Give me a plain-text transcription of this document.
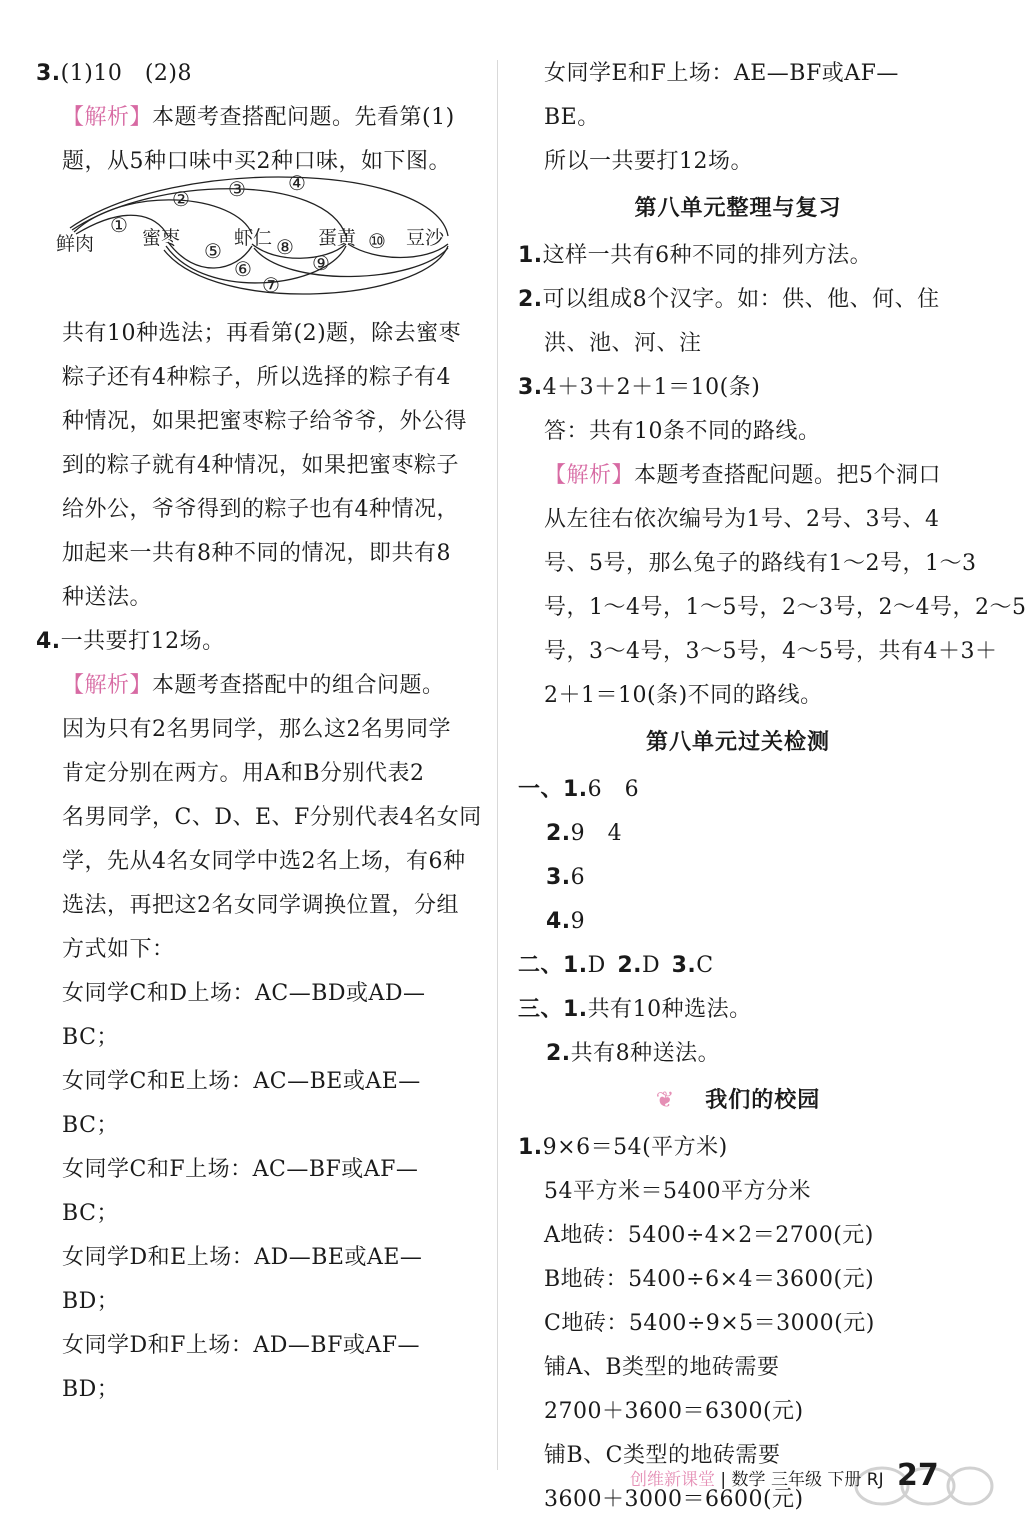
3.(1)10　(2)8
【解析】本题考查搭配问题。先看第(1)
题，从5种口味中买2种口味，如下图。
①
② ③ ④
⑤
⑥
⑦
⑧
⑨
⑩
鲜肉	蜜枣	虾仁 蛋黄	豆沙
共有10种选法；再看第(2)题，除去蜜枣
粽子还有4种粽子，所以选择的粽子有4
种情况，如果把蜜枣粽子给爷爷，外公得
到的粽子就有4种情况，如果把蜜枣粽子
给外公，爷爷得到的粽子也有4种情况，
加起来一共有8种不同的情况，即共有8
种送法。
4.一共要打12场。
【解析】本题考查搭配中的组合问题。
因为只有2名男同学，那么这2名男同学
肯定分别在两方。用A和B分别代表2
名男同学，C、D、E、F分别代表4名女同
学，先从4名女同学中选2名上场，有6种
选法，再把这2名女同学调换位置，分组
方式如下：
女同学C和D上场：AC—BD或AD—
BC；
女同学C和E上场：AC—BE或AE—
BC；
女同学C和F上场：AC—BF或AF—
BC；
女同学D和E上场：AD—BE或AE—
BD；
女同学D和F上场：AD—BF或AF—
BD；
女同学E和F上场：AE—BF或AF—
BE。
所以一共要打12场。
第八单元整理与复习
1.这样一共有6种不同的排列方法。
2.可以组成8个汉字。如：供、他、何、住
洪、池、河、注
3.4＋3＋2＋1＝10(条)
答：共有10条不同的路线。
【解析】本题考查搭配问题。把5个洞口
从左往右依次编号为1号、2号、3号、4
号、5号，那么兔子的路线有1～2号，1～3
号，1～4号，1～5号，2～3号，2～4号，2～5
号，3～4号，3～5号，4～5号，共有4＋3＋
2＋1＝10(条)不同的路线。
第八单元过关检测
一、1.6　6
2.9　4
3.6
4.9
二、1.D 2.D 3.C
三、1.共有10种选法。
2.共有8种送法。
❦ 我们的校园
1.9×6＝54(平方米)
54平方米＝5400平方分米
A地砖：5400÷4×2＝2700(元)
B地砖：5400÷6×4＝3600(元)
C地砖：5400÷9×5＝3000(元)
铺A、B类型的地砖需要
2700＋3600＝6300(元)
铺B、C类型的地砖需要
3600＋3000＝6600(元)
创维新课堂 | 数学 三年级 下册 RJ 27
